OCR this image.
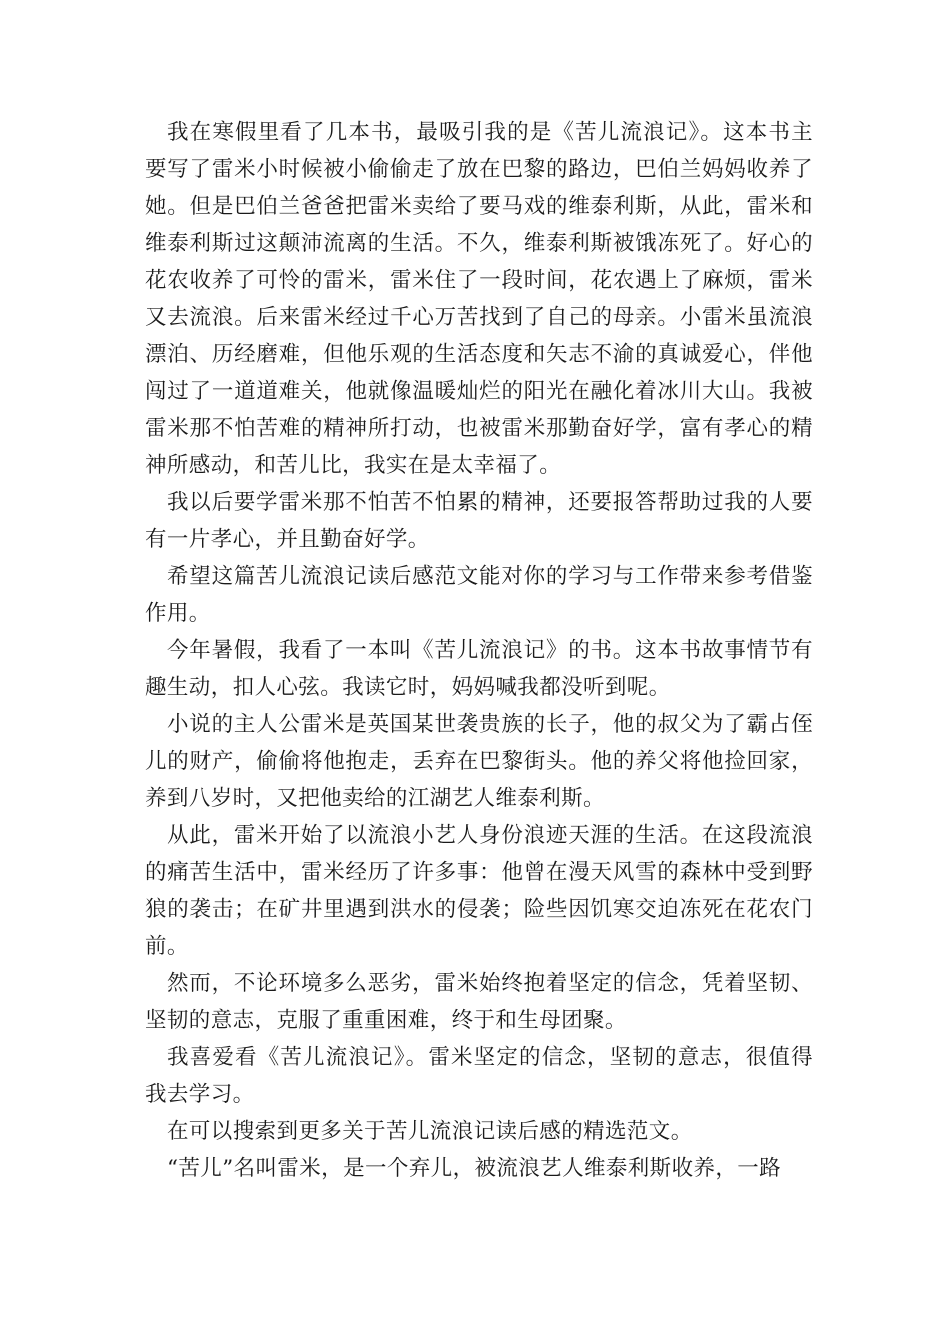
我在寒假里看了几本书，最吸引我的是《苦儿流浪记》。这本书主要写了雷米小时候被小偷偷走了放在巴黎的路边，巴伯兰妈妈收养了她。但是巴伯兰爸爸把雷米卖给了要马戏的维泰利斯，从此，雷米和维泰利斯过这颠沛流离的生活。不久，维泰利斯被饿冻死了。好心的花农收养了可怜的雷米，雷米住了一段时间，花农遇上了麻烦，雷米又去流浪。后来雷米经过千心万苦找到了自己的母亲。小雷米虽流浪漂泊、历经磨难，但他乐观的生活态度和矢志不渝的真诚爱心，伴他闯过了一道道难关，他就像温暖灿烂的阳光在融化着冰川大山。我被雷米那不怕苦难的精神所打动，也被雷米那勤奋好学，富有孝心的精神所感动，和苦儿比，我实在是太幸福了。

我以后要学雷米那不怕苦不怕累的精神，还要报答帮助过我的人要有一片孝心，并且勤奋好学。

希望这篇苦儿流浪记读后感范文能对你的学习与工作带来参考借鉴作用。

今年暑假，我看了一本叫《苦儿流浪记》的书。这本书故事情节有趣生动，扣人心弦。我读它时，妈妈喊我都没听到呢。

小说的主人公雷米是英国某世袭贵族的长子，他的叔父为了霸占侄儿的财产，偷偷将他抱走，丢弃在巴黎街头。他的养父将他捡回家，养到八岁时，又把他卖给的江湖艺人维泰利斯。

从此，雷米开始了以流浪小艺人身份浪迹天涯的生活。在这段流浪的痛苦生活中，雷米经历了许多事：他曾在漫天风雪的森林中受到野狼的袭击；在矿井里遇到洪水的侵袭；险些因饥寒交迫冻死在花农门前。

然而，不论环境多么恶劣，雷米始终抱着坚定的信念，凭着坚韧、坚韧的意志，克服了重重困难，终于和生母团聚。

我喜爱看《苦儿流浪记》。雷米坚定的信念，坚韧的意志，很值得我去学习。

在可以搜索到更多关于苦儿流浪记读后感的精选范文。

“苦儿”名叫雷米，是一个弃儿，被流浪艺人维泰利斯收养，一路
